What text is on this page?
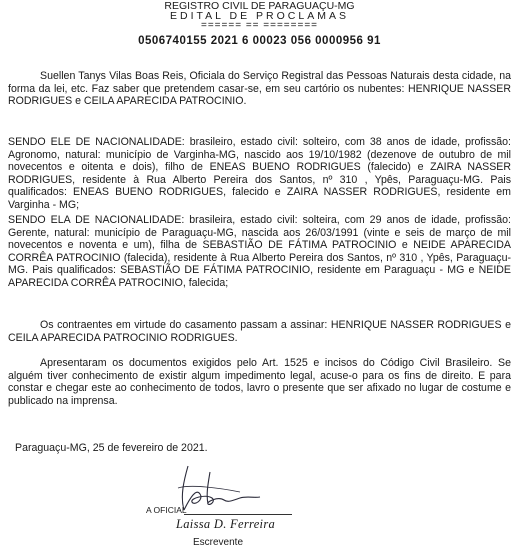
REGISTRO CIVIL DE PARAGUAÇU-MG
EDITAL DE PROCLAMAS
====== == ========
0506740155 2021 6 00023 056 0000956 91

Suellen Tanys Vilas Boas Reis, Oficiala do Serviço Registral das Pessoas Naturais desta cidade, na forma da lei, etc. Faz saber que pretendem casar-se, em seu cartório os nubentes: HENRIQUE NASSER RODRIGUES e CEILA APARECIDA PATROCINIO.

SENDO ELE DE NACIONALIDADE: brasileiro, estado civil: solteiro, com 38 anos de idade, profissão: Agronomo, natural: município de Varginha-MG, nascido aos 19/10/1982 (dezenove de outubro de mil novecentos e oitenta e dois), filho de ENEAS BUENO RODRIGUES (falecido) e ZAIRA NASSER RODRIGUES, residente à Rua Alberto Pereira dos Santos, nº 310 , Ypês, Paraguaçu-MG. Pais qualificados: ENEAS BUENO RODRIGUES, falecido e ZAIRA NASSER RODRIGUES, residente em Varginha - MG;

SENDO ELA DE NACIONALIDADE: brasileira, estado civil: solteira, com 29 anos de idade, profissão: Gerente, natural: município de Paraguaçu-MG, nascida aos 26/03/1991 (vinte e seis de março de mil novecentos e noventa e um), filha de SEBASTIÃO DE FÁTIMA PATROCINIO e NEIDE APARECIDA CORRÊA PATROCINIO (falecida), residente à Rua Alberto Pereira dos Santos, nº 310 , Ypês, Paraguaçu-MG. Pais qualificados: SEBASTIÃO DE FÁTIMA PATROCINIO, residente em Paraguaçu - MG e NEIDE APARECIDA CORRÊA PATROCINIO, falecida;

Os contraentes em virtude do casamento passam a assinar: HENRIQUE NASSER RODRIGUES e CEILA APARECIDA PATROCINIO RODRIGUES.

Apresentaram os documentos exigidos pelo Art. 1525 e incisos do Código Civil Brasileiro. Se alguém tiver conhecimento de existir algum impedimento legal, acuse-o para os fins de direito. E para constar e chegar este ao conhecimento de todos, lavro o presente que ser afixado no lugar de costume e publicado na imprensa.

Paraguaçu-MG, 25 de fevereiro de 2021.
A OFICIAL
Laissa D. Ferreira
Escrevente
